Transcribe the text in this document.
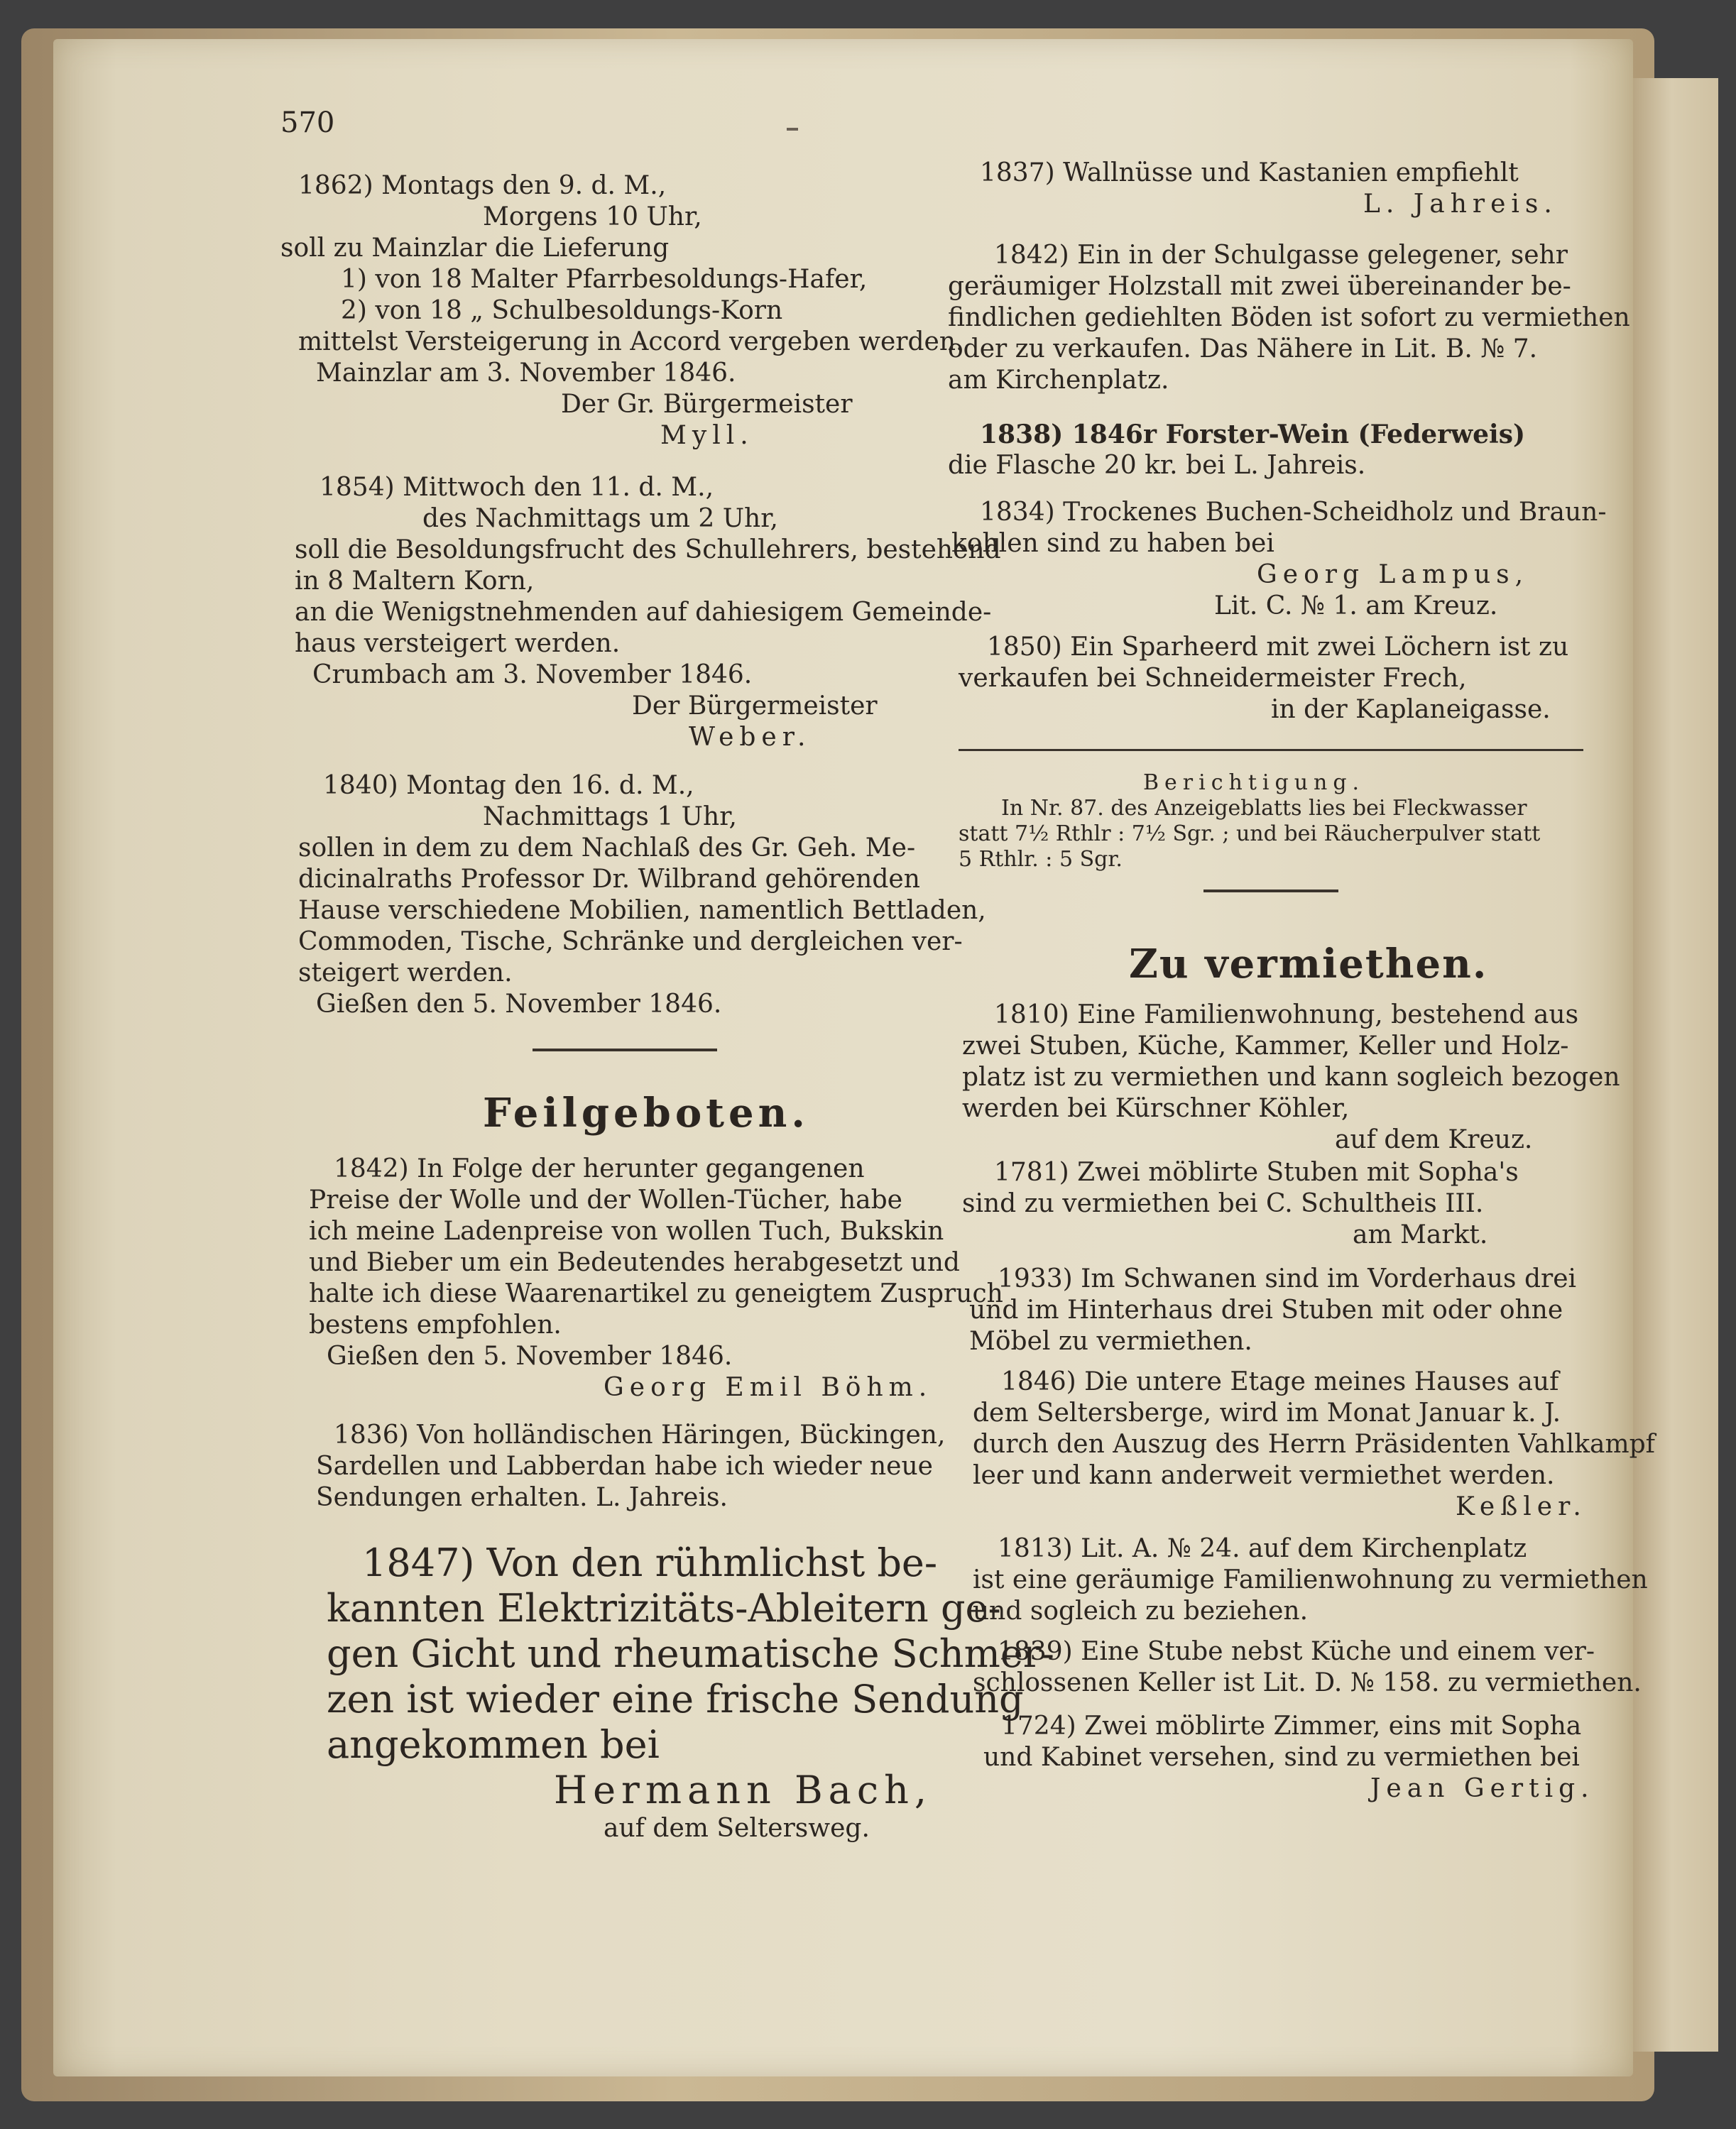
570
1862) Montags den 9. d. M.,
Morgens 10 Uhr,
soll zu Mainzlar die Lieferung
1) von 18 Malter Pfarrbesoldungs-Hafer,
2) von 18 „ Schulbesoldungs-Korn
mittelst Versteigerung in Accord vergeben werden.
Mainzlar am 3. November 1846.
Der Gr. Bürgermeister
Myll.
1854) Mittwoch den 11. d. M.,
des Nachmittags um 2 Uhr,
soll die Besoldungsfrucht des Schullehrers, bestehend
in 8 Maltern Korn,
an die Wenigstnehmenden auf dahiesigem Gemeinde-
haus versteigert werden.
Crumbach am 3. November 1846.
Der Bürgermeister
Weber.
1840) Montag den 16. d. M.,
Nachmittags 1 Uhr,
sollen in dem zu dem Nachlaß des Gr. Geh. Me-
dicinalraths Professor Dr. Wilbrand gehörenden
Hause verschiedene Mobilien, namentlich Bettladen,
Commoden, Tische, Schränke und dergleichen ver-
steigert werden.
Gießen den 5. November 1846.
Feilgeboten.
1842) In Folge der herunter gegangenen
Preise der Wolle und der Wollen-Tücher, habe
ich meine Ladenpreise von wollen Tuch, Bukskin
und Bieber um ein Bedeutendes herabgesetzt und
halte ich diese Waarenartikel zu geneigtem Zuspruch
bestens empfohlen.
Gießen den 5. November 1846.
Georg Emil Böhm.
1836) Von holländischen Häringen, Bückingen,
Sardellen und Labberdan habe ich wieder neue
Sendungen erhalten. L. Jahreis.
1847) Von den rühmlichst be-
kannten Elektrizitäts-Ableitern ge-
gen Gicht und rheumatische Schmer-
zen ist wieder eine frische Sendung
angekommen bei
Hermann Bach,
auf dem Seltersweg.
1837) Wallnüsse und Kastanien empfiehlt
L. Jahreis.
1842) Ein in der Schulgasse gelegener, sehr
geräumiger Holzstall mit zwei übereinander be-
findlichen gediehlten Böden ist sofort zu vermiethen
oder zu verkaufen. Das Nähere in Lit. B. № 7.
am Kirchenplatz.
1838) 1846r Forster-Wein (Federweis)
die Flasche 20 kr. bei L. Jahreis.
1834) Trockenes Buchen-Scheidholz und Braun-
kohlen sind zu haben bei
Georg Lampus,
Lit. C. № 1. am Kreuz.
1850) Ein Sparheerd mit zwei Löchern ist zu
verkaufen bei Schneidermeister Frech,
in der Kaplaneigasse.
Berichtigung.
In Nr. 87. des Anzeigeblatts lies bei Fleckwasser
statt 7½ Rthlr : 7½ Sgr. ; und bei Räucherpulver statt
5 Rthlr. : 5 Sgr.
Zu vermiethen.
1810) Eine Familienwohnung, bestehend aus
zwei Stuben, Küche, Kammer, Keller und Holz-
platz ist zu vermiethen und kann sogleich bezogen
werden bei Kürschner Köhler,
auf dem Kreuz.
1781) Zwei möblirte Stuben mit Sopha's
sind zu vermiethen bei C. Schultheis III.
am Markt.
1933) Im Schwanen sind im Vorderhaus drei
und im Hinterhaus drei Stuben mit oder ohne
Möbel zu vermiethen.
1846) Die untere Etage meines Hauses auf
dem Seltersberge, wird im Monat Januar k. J.
durch den Auszug des Herrn Präsidenten Vahlkampf
leer und kann anderweit vermiethet werden.
Keßler.
1813) Lit. A. № 24. auf dem Kirchenplatz
ist eine geräumige Familienwohnung zu vermiethen
und sogleich zu beziehen.
1839) Eine Stube nebst Küche und einem ver-
schlossenen Keller ist Lit. D. № 158. zu vermiethen.
1724) Zwei möblirte Zimmer, eins mit Sopha
und Kabinet versehen, sind zu vermiethen bei
Jean Gertig.
